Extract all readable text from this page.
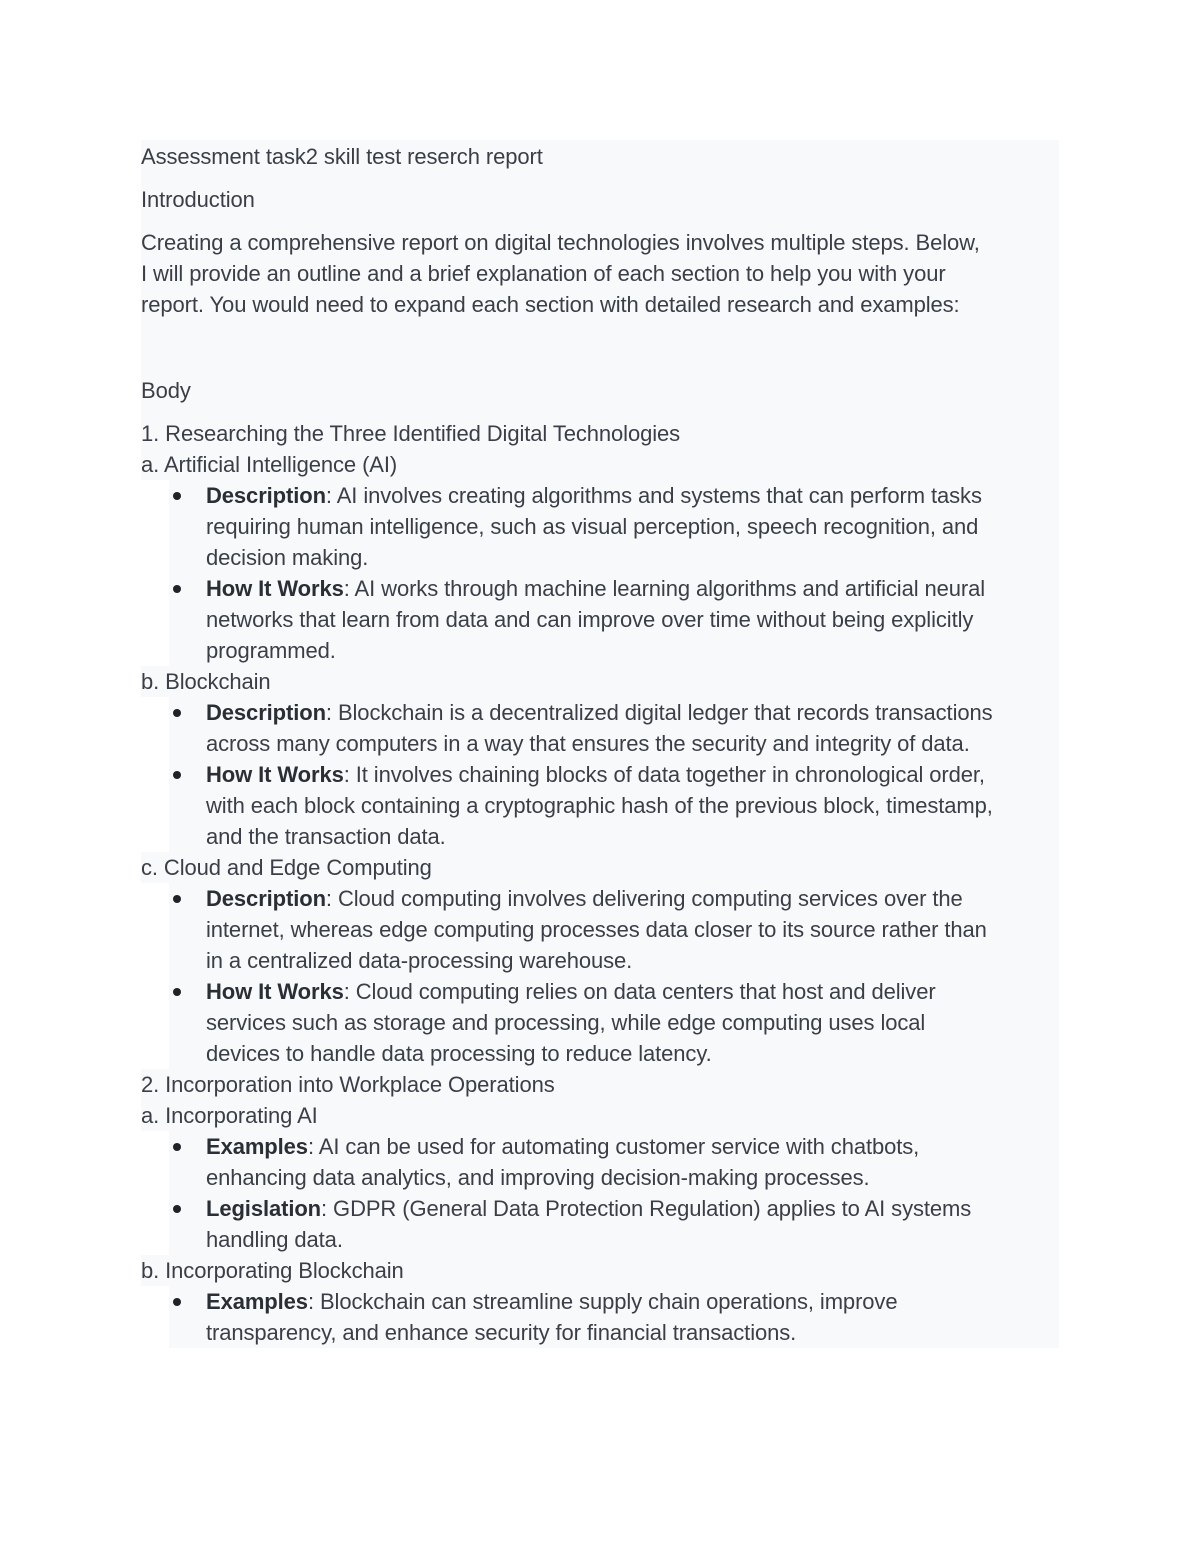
Assessment task2 skill test reserch report
Introduction
Creating a comprehensive report on digital technologies involves multiple steps. Below,
I will provide an outline and a brief explanation of each section to help you with your
report. You would need to expand each section with detailed research and examples:
Body
1. Researching the Three Identified Digital Technologies
a. Artificial Intelligence (AI)
Description: AI involves creating algorithms and systems that can perform tasks
requiring human intelligence, such as visual perception, speech recognition, and
decision making.
How It Works: AI works through machine learning algorithms and artificial neural
networks that learn from data and can improve over time without being explicitly
programmed.
b. Blockchain
Description: Blockchain is a decentralized digital ledger that records transactions
across many computers in a way that ensures the security and integrity of data.
How It Works: It involves chaining blocks of data together in chronological order,
with each block containing a cryptographic hash of the previous block, timestamp,
and the transaction data.
c. Cloud and Edge Computing
Description: Cloud computing involves delivering computing services over the
internet, whereas edge computing processes data closer to its source rather than
in a centralized data-processing warehouse.
How It Works: Cloud computing relies on data centers that host and deliver
services such as storage and processing, while edge computing uses local
devices to handle data processing to reduce latency.
2. Incorporation into Workplace Operations
a. Incorporating AI
Examples: AI can be used for automating customer service with chatbots,
enhancing data analytics, and improving decision-making processes.
Legislation: GDPR (General Data Protection Regulation) applies to AI systems
handling data.
b. Incorporating Blockchain
Examples: Blockchain can streamline supply chain operations, improve
transparency, and enhance security for financial transactions.
